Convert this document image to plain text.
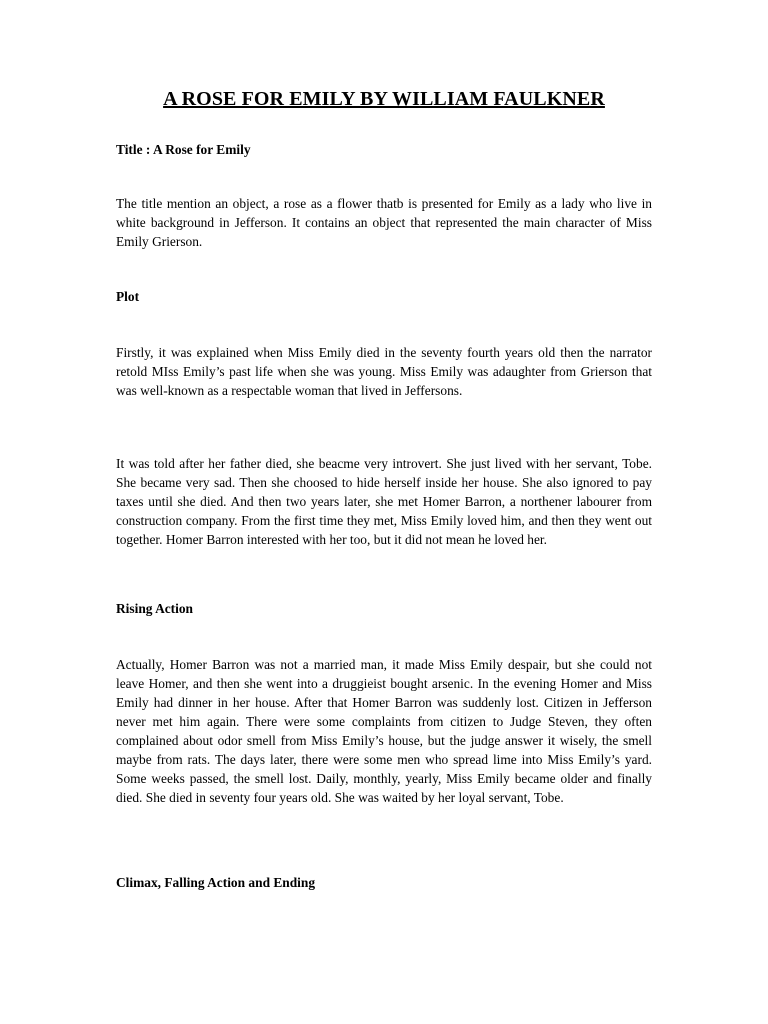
A ROSE FOR EMILY BY WILLIAM FAULKNER
Title : A Rose for Emily

The title mention an object, a rose as a flower thatb is presented for Emily as a lady who live in white background in Jefferson. It contains an object that represented the main character of Miss Emily Grierson.

Plot

Firstly, it was explained when Miss Emily died in the seventy fourth years old then the narrator retold MIss Emily’s past life when she was young. Miss Emily was adaughter from Grierson that was well-known as a respectable woman that lived in Jeffersons.

It was told after her father died, she beacme very introvert. She just lived with her servant, Tobe. She became very sad. Then she choosed to hide herself inside her house. She also ignored to pay taxes until she died. And then two years later, she met Homer Barron, a northener labourer from construction company. From the first time they met, Miss Emily loved him, and then they went out together. Homer Barron interested with her too, but it did not mean he loved her.

Rising Action

Actually, Homer Barron was not a married man, it made Miss Emily despair, but she could not leave Homer, and then she went into a druggieist bought arsenic. In the evening Homer and Miss Emily had dinner in her house. After that Homer Barron was suddenly lost. Citizen in Jefferson never met him again. There were some complaints from citizen to Judge Steven, they often complained about odor smell from Miss Emily’s house, but the judge answer it wisely, the smell maybe from rats. The days later, there were some men who spread lime into Miss Emily’s yard. Some weeks passed, the smell lost. Daily, monthly, yearly, Miss Emily became older and finally died. She died in seventy four years old. She was waited by her loyal servant, Tobe.

Climax, Falling Action and Ending
